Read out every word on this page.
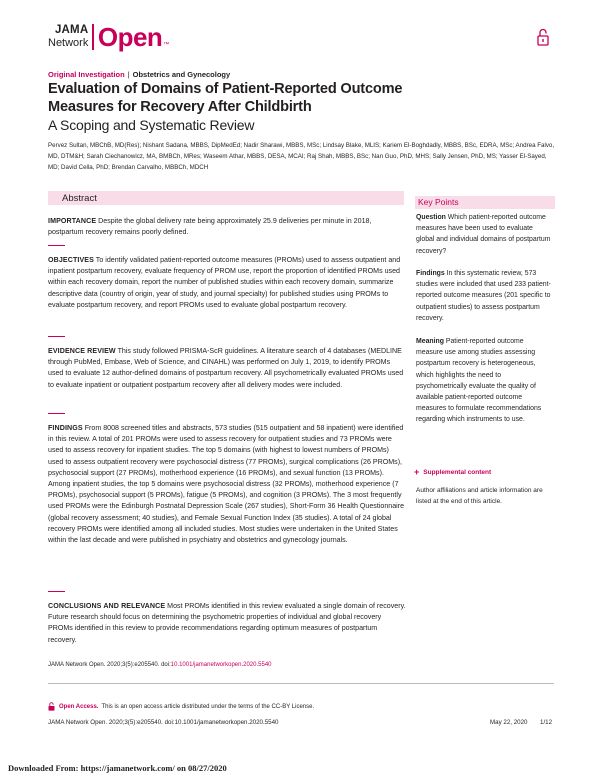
JAMA
Network Open ™
Original Investigation | Obstetrics and Gynecology
Evaluation of Domains of Patient-Reported Outcome Measures for Recovery After Childbirth
A Scoping and Systematic Review
Pervez Sultan, MBChB, MD(Res); Nishant Sadana, MBBS, DipMedEd; Nadir Sharawi, MBBS, MSc; Lindsay Blake, MLIS; Kariem El-Boghdadly, MBBS, BSc, EDRA, MSc; Andrea Falvo, MD, DTM&H; Sarah Ciechanowicz, MA, BMBCh, MRes; Waseem Athar, MBBS, DESA, MCAI; Raj Shah, MBBS, BSc; Nan Guo, PhD, MHS; Sally Jensen, PhD, MS; Yasser El-Sayed, MD; David Cella, PhD; Brendan Carvalho, MBBCh, MDCH
Abstract
IMPORTANCE Despite the global delivery rate being approximately 25.9 deliveries per minute in 2018, postpartum recovery remains poorly defined.
OBJECTIVES To identify validated patient-reported outcome measures (PROMs) used to assess outpatient and inpatient postpartum recovery, evaluate frequency of PROM use, report the proportion of identified PROMs used within each recovery domain, report the number of published studies within each recovery domain, summarize descriptive data (country of origin, year of study, and journal specialty) for published studies using PROMs to evaluate postpartum recovery, and report PROMs used to evaluate global postpartum recovery.
EVIDENCE REVIEW This study followed PRISMA-ScR guidelines. A literature search of 4 databases (MEDLINE through PubMed, Embase, Web of Science, and CINAHL) was performed on July 1, 2019, to identify PROMs used to evaluate 12 author-defined domains of postpartum recovery. All psychometrically evaluated PROMs used to evaluate inpatient or outpatient postpartum recovery after all delivery modes were included.
FINDINGS From 8008 screened titles and abstracts, 573 studies (515 outpatient and 58 inpatient) were identified in this review. A total of 201 PROMs were used to assess recovery for outpatient studies and 73 PROMs were used to assess recovery for inpatient studies. The top 5 domains (with highest to lowest numbers of PROMs) used to assess outpatient recovery were psychosocial distress (77 PROMs), surgical complications (26 PROMs), psychosocial support (27 PROMs), motherhood experience (16 PROMs), and sexual function (13 PROMs). Among inpatient studies, the top 5 domains were psychosocial distress (32 PROMs), motherhood experience (7 PROMs), psychosocial support (5 PROMs), fatigue (5 PROMs), and cognition (3 PROMs). The 3 most frequently used PROMs were the Edinburgh Postnatal Depression Scale (267 studies), Short-Form 36 Health Questionnaire (global recovery assessment; 40 studies), and Female Sexual Function Index (35 studies). A total of 24 global recovery PROMs were identified among all included studies. Most studies were undertaken in the United States within the last decade and were published in psychiatry and obstetrics and gynecology journals.
CONCLUSIONS AND RELEVANCE Most PROMs identified in this review evaluated a single domain of recovery. Future research should focus on determining the psychometric properties of individual and global recovery PROMs identified in this review to provide recommendations regarding optimum measures of postpartum recovery.
Key Points
Question Which patient-reported outcome measures have been used to evaluate global and individual domains of postpartum recovery?
Findings In this systematic review, 573 studies were included that used 233 patient-reported outcome measures (201 specific to outpatient studies) to assess postpartum recovery.
Meaning Patient-reported outcome measure use among studies assessing postpartum recovery is heterogeneous, which highlights the need to psychometrically evaluate the quality of available patient-reported outcome measures to formulate recommendations regarding which instruments to use.
+ Supplemental content
Author affiliations and article information are listed at the end of this article.
JAMA Network Open. 2020;3(5):e205540. doi:10.1001/jamanetworkopen.2020.5540
Open Access. This is an open access article distributed under the terms of the CC-BY License.
JAMA Network Open. 2020;3(5):e205540. doi:10.1001/jamanetworkopen.2020.5540	May 22, 2020 1/12
Downloaded From: https://jamanetwork.com/ on 08/27/2020
